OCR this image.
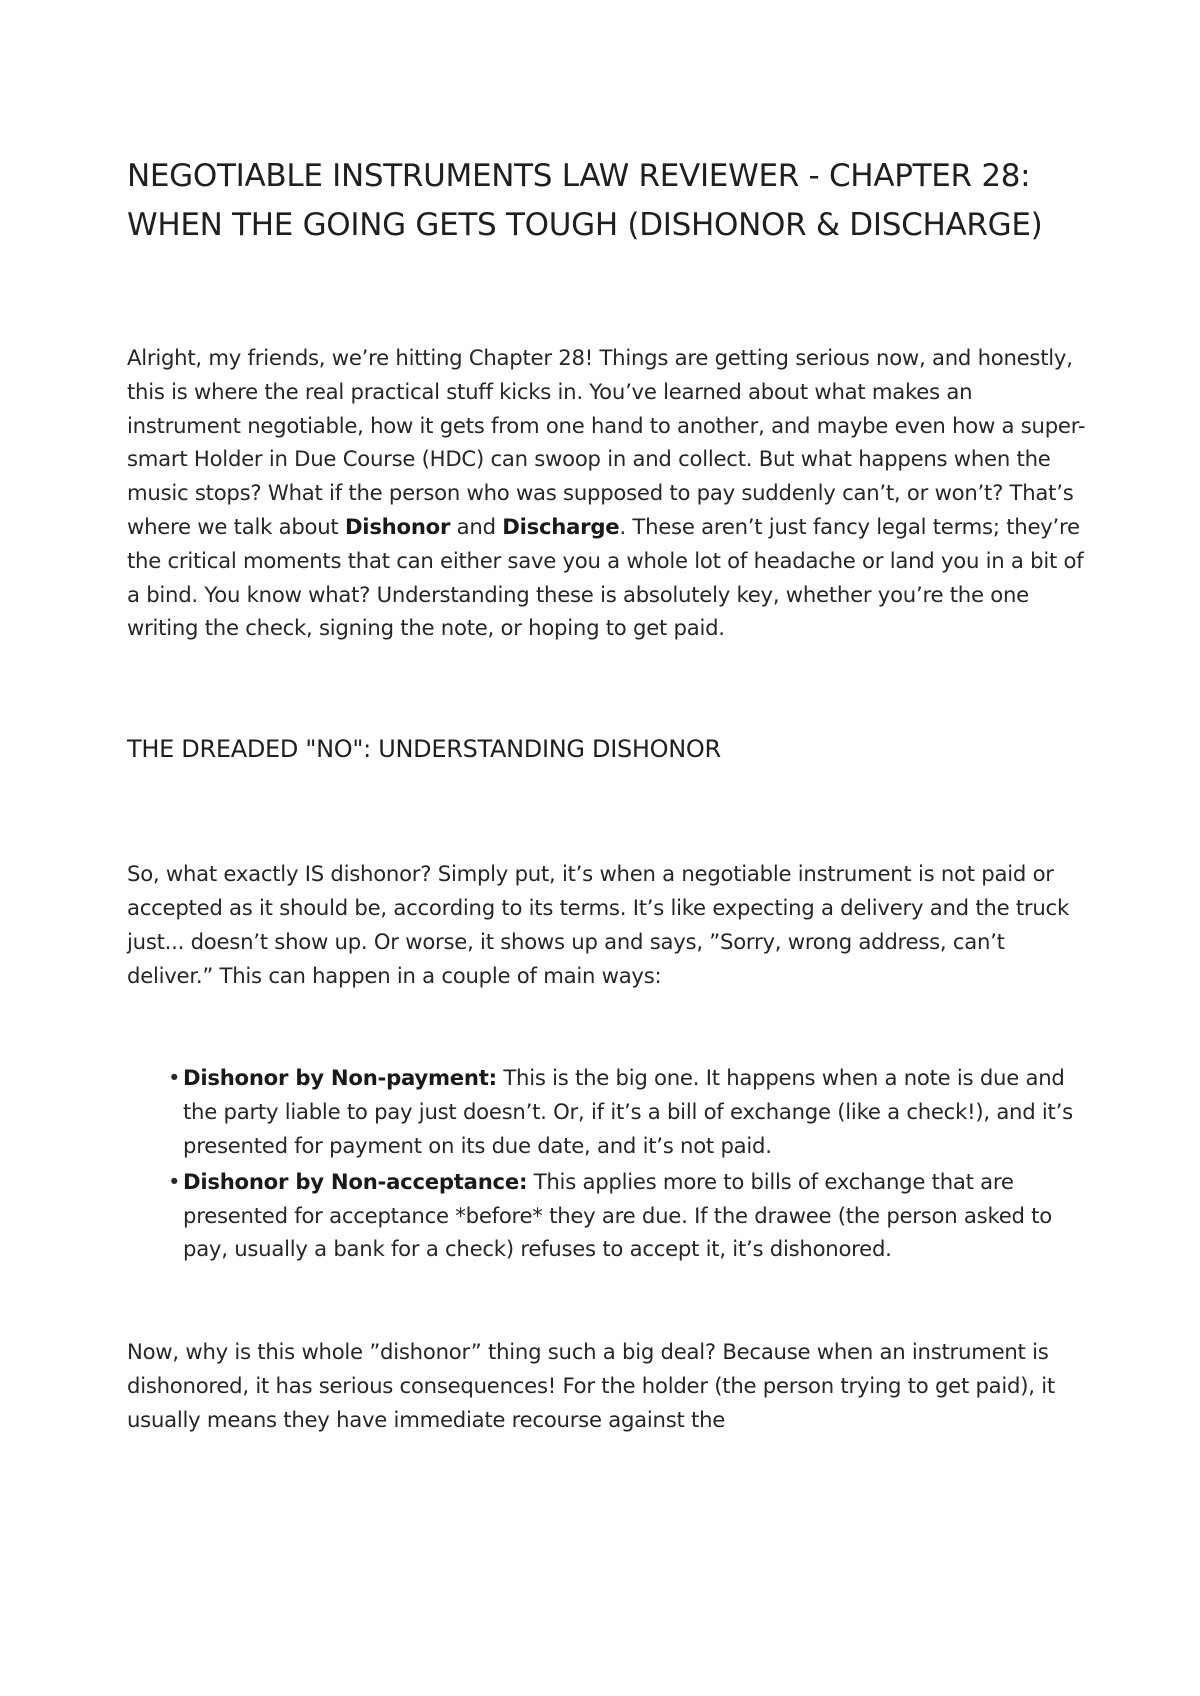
NEGOTIABLE INSTRUMENTS LAW REVIEWER - CHAPTER 28: WHEN THE GOING GETS TOUGH (DISHONOR & DISCHARGE)

Alright, my friends, we’re hitting Chapter 28! Things are getting serious now, and honestly, this is where the real practical stuff kicks in. You’ve learned about what makes an instrument negotiable, how it gets from one hand to another, and maybe even how a super-smart Holder in Due Course (HDC) can swoop in and collect. But what happens when the music stops? What if the person who was supposed to pay suddenly can’t, or won’t? That’s where we talk about Dishonor and Discharge. These aren’t just fancy legal terms; they’re the critical moments that can either save you a whole lot of headache or land you in a bit of a bind. You know what? Understanding these is absolutely key, whether you’re the one writing the check, signing the note, or hoping to get paid.

THE DREADED "NO": UNDERSTANDING DISHONOR

So, what exactly IS dishonor? Simply put, it’s when a negotiable instrument is not paid or accepted as it should be, according to its terms. It’s like expecting a delivery and the truck just... doesn’t show up. Or worse, it shows up and says, ”Sorry, wrong address, can’t deliver.” This can happen in a couple of main ways:

• Dishonor by Non-payment: This is the big one. It happens when a note is due and the party liable to pay just doesn’t. Or, if it’s a bill of exchange (like a check!), and it’s presented for payment on its due date, and it’s not paid.
• Dishonor by Non-acceptance: This applies more to bills of exchange that are presented for acceptance *before* they are due. If the drawee (the person asked to pay, usually a bank for a check) refuses to accept it, it’s dishonored.

Now, why is this whole ”dishonor” thing such a big deal? Because when an instrument is dishonored, it has serious consequences! For the holder (the person trying to get paid), it usually means they have immediate recourse against the
